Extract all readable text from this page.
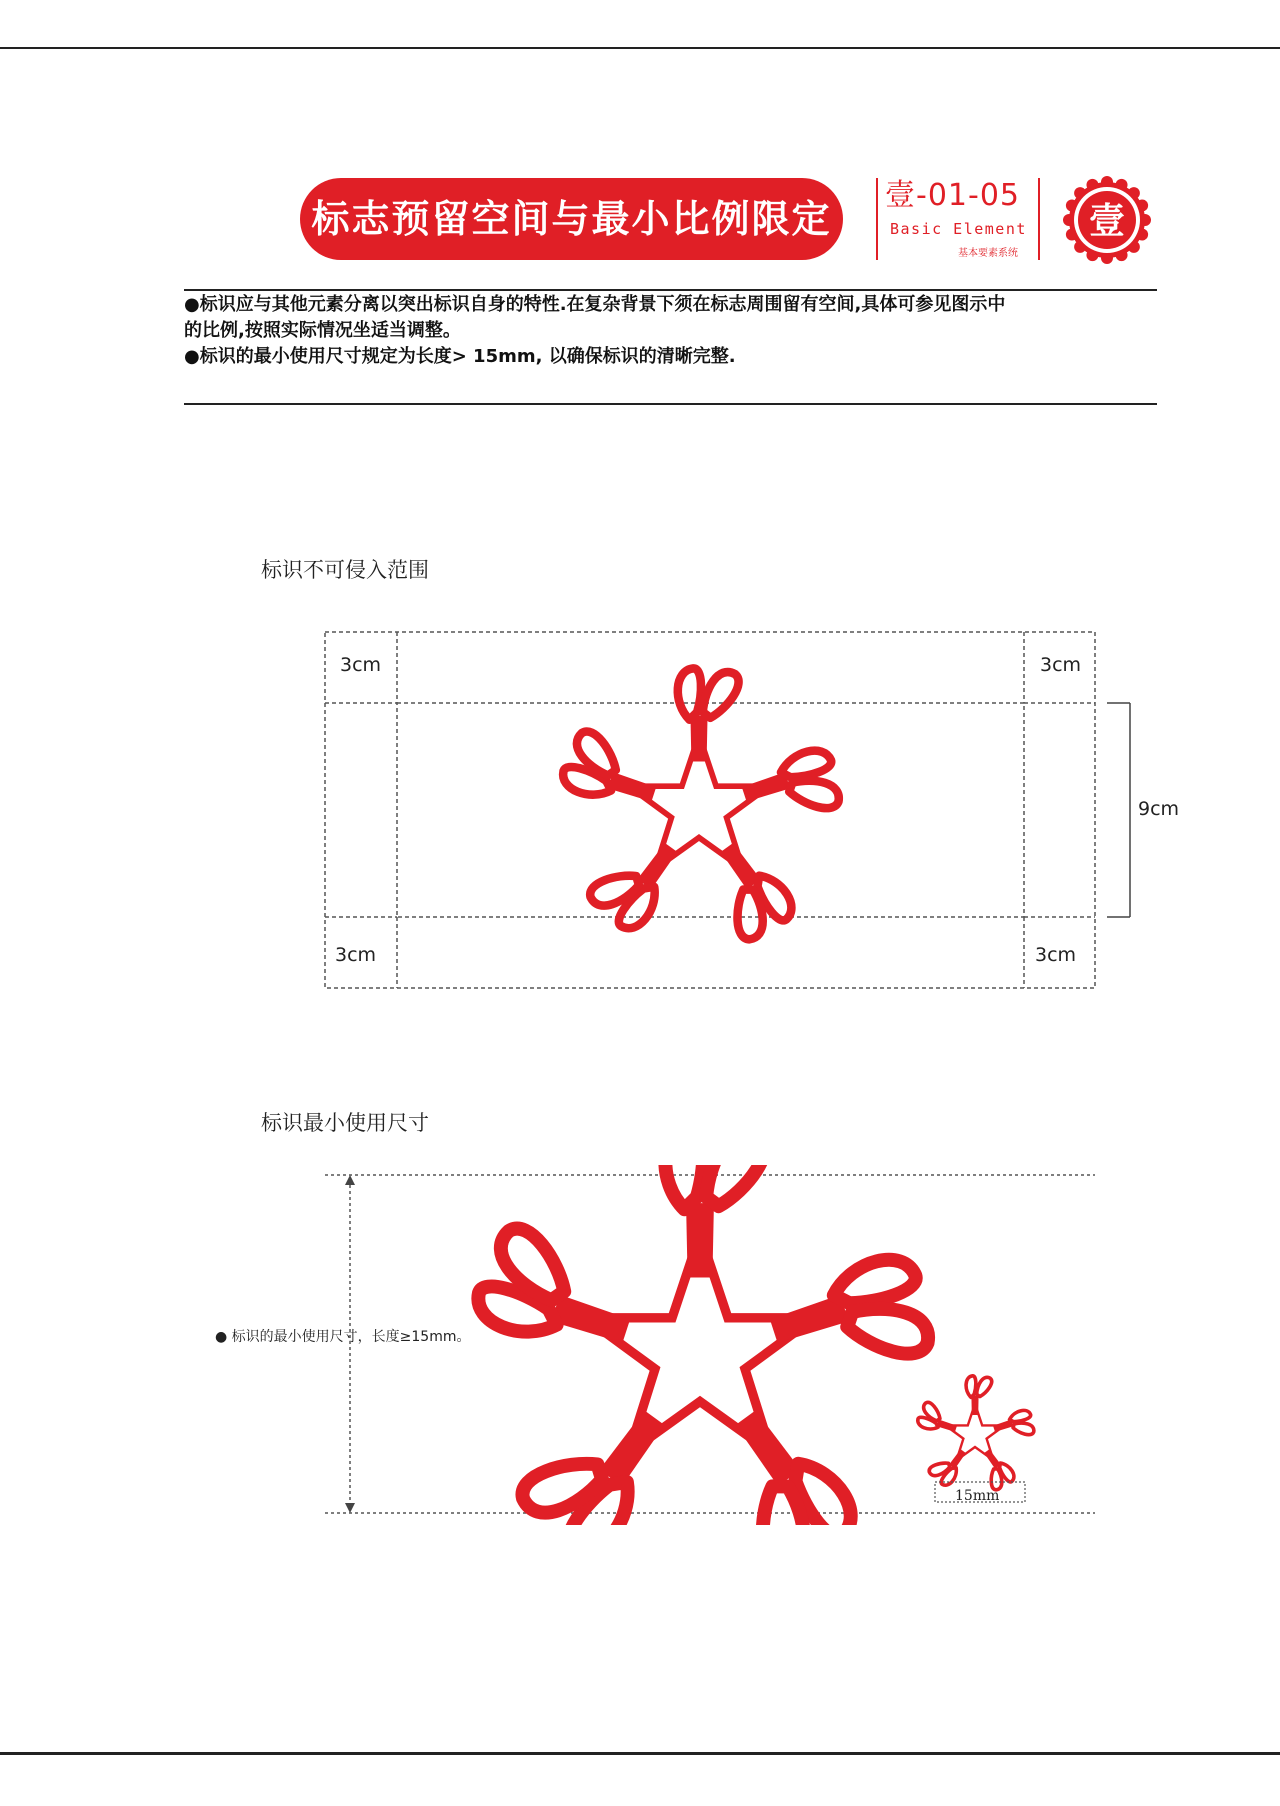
标志预留空间与最小比例限定
壹-01-05
Basic Element
基本要素系统
壹
●标识应与其他元素分离以突出标识自身的特性.在复杂背景下须在标志周围留有空间,具体可参见图示中
的比例,按照实际情况坐适当调整。
●标识的最小使用尺寸规定为长度> 15mm, 以确保标识的清晰完整.
标识不可侵入范围
3cm	3cm
3cm	3cm
9cm
标识最小使用尺寸
● 标识的最小使用尺寸，长度≥15mm。
15mm
